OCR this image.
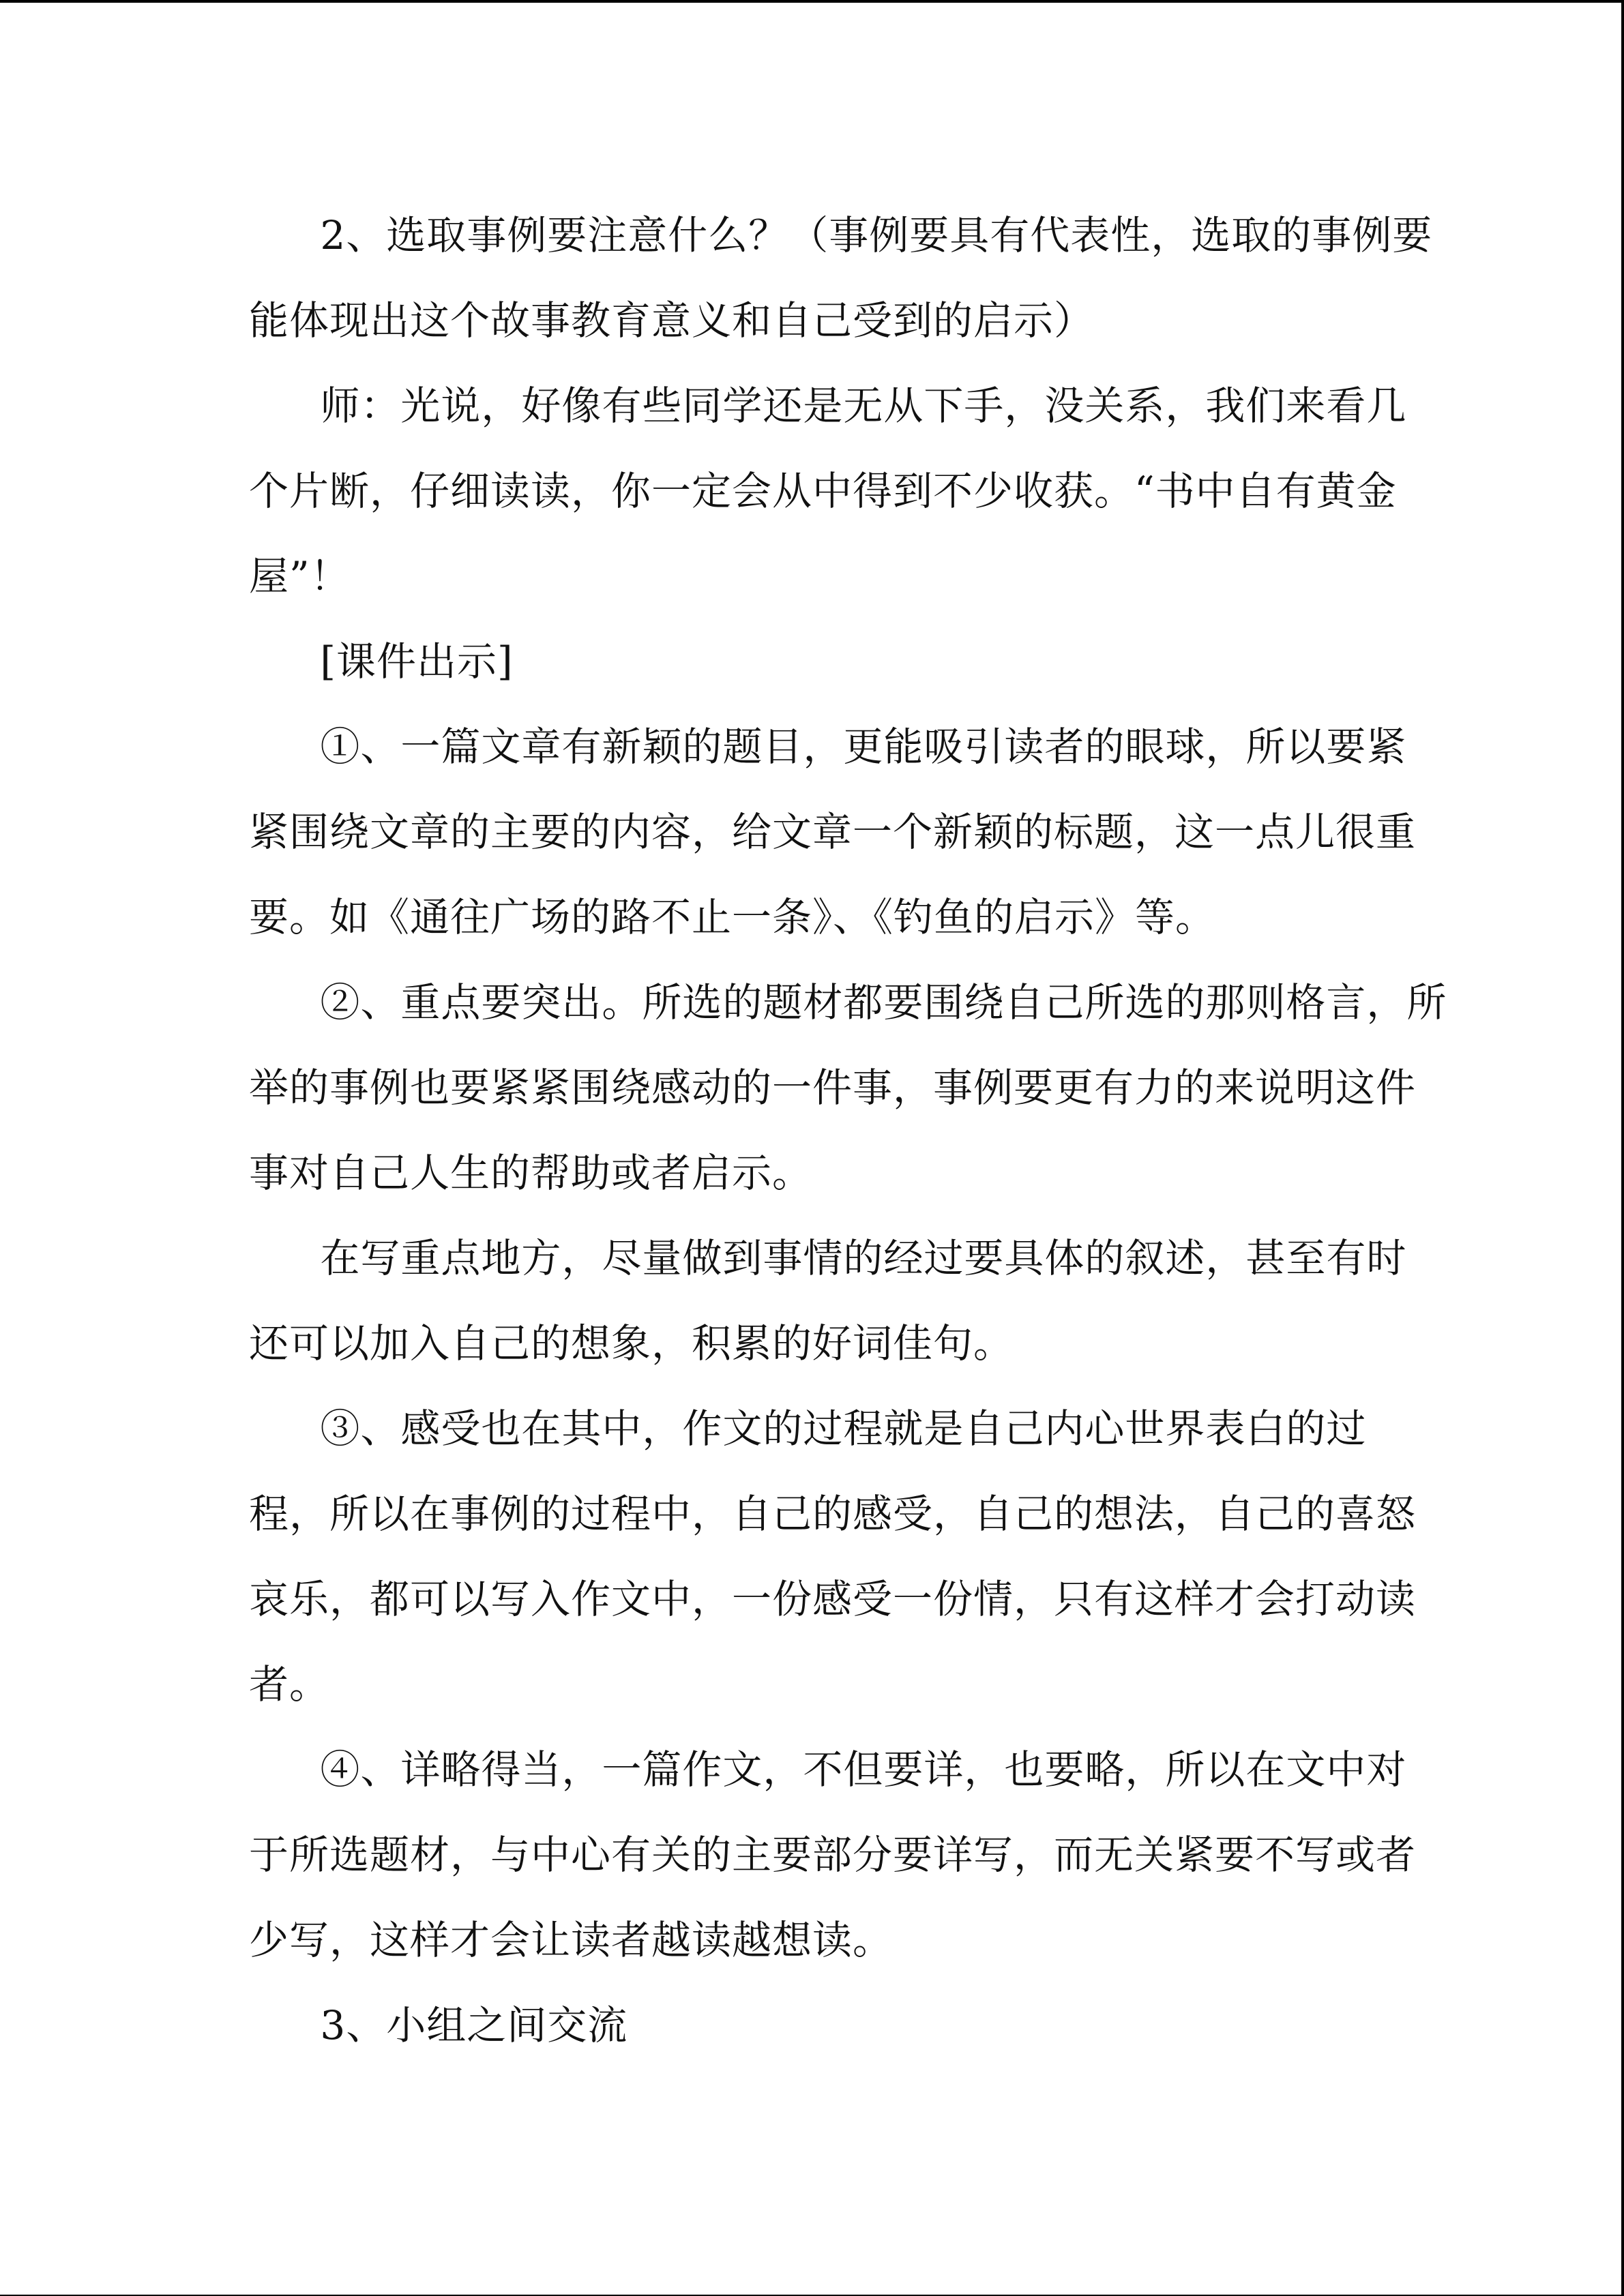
2、选取事例要注意什么？（事例要具有代表性，选取的事例要
能体现出这个故事教育意义和自己受到的启示）
师：光说，好像有些同学还是无从下手，没关系，我们来看几
个片断，仔细读读，你一定会从中得到不少收获。“书中自有黄金
屋”！
[课件出示]
①、一篇文章有新颖的题目，更能吸引读者的眼球，所以要紧
紧围绕文章的主要的内容，给文章一个新颖的标题，这一点儿很重
要。如《通往广场的路不止一条》、《钓鱼的启示》等。
②、重点要突出。所选的题材都要围绕自己所选的那则格言，所
举的事例也要紧紧围绕感动的一件事，事例要更有力的来说明这件
事对自己人生的帮助或者启示。
在写重点地方，尽量做到事情的经过要具体的叙述，甚至有时
还可以加入自己的想象，积累的好词佳句。
③、感受也在其中，作文的过程就是自己内心世界表白的过
程，所以在事例的过程中，自己的感受，自己的想法，自己的喜怒
哀乐，都可以写入作文中，一份感受一份情，只有这样才会打动读
者。
④、详略得当，一篇作文，不但要详，也要略，所以在文中对
于所选题材，与中心有关的主要部分要详写，而无关紧要不写或者
少写，这样才会让读者越读越想读。
3、小组之间交流
